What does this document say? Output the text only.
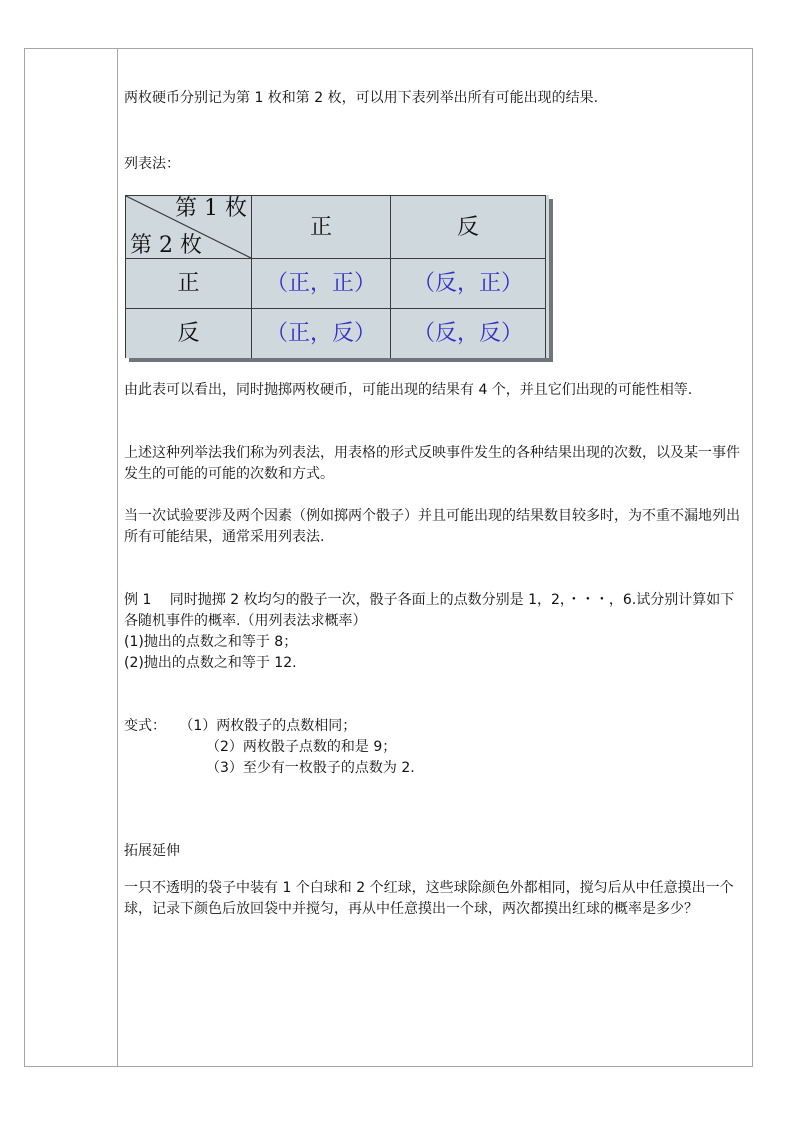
两枚硬币分别记为第 1 枚和第 2 枚，可以用下表列举出所有可能出现的结果.

列表法：

第 1 枚
第 2 枚	正	反
正	（正，正）	（反，正）
反	（正，反）	（反，反）

由此表可以看出，同时抛掷两枚硬币，可能出现的结果有 4 个，并且它们出现的可能性相等.

上述这种列举法我们称为列表法，用表格的形式反映事件发生的各种结果出现的次数，以及某一事件发生的可能的可能的次数和方式。

当一次试验要涉及两个因素（例如掷两个骰子）并且可能出现的结果数目较多时，为不重不漏地列出所有可能结果，通常采用列表法.

例 1　 同时抛掷 2 枚均匀的骰子一次，骰子各面上的点数分别是 1，2，・・・，6.试分别计算如下各随机事件的概率.（用列表法求概率）

(1)抛出的点数之和等于 8；

(2)抛出的点数之和等于 12.

变式： （1）两枚骰子的点数相同；

（2）两枚骰子点数的和是 9；

（3）至少有一枚骰子的点数为 2.

拓展延伸

一只不透明的袋子中装有 1 个白球和 2 个红球，这些球除颜色外都相同，搅匀后从中任意摸出一个球，记录下颜色后放回袋中并搅匀，再从中任意摸出一个球，两次都摸出红球的概率是多少？
